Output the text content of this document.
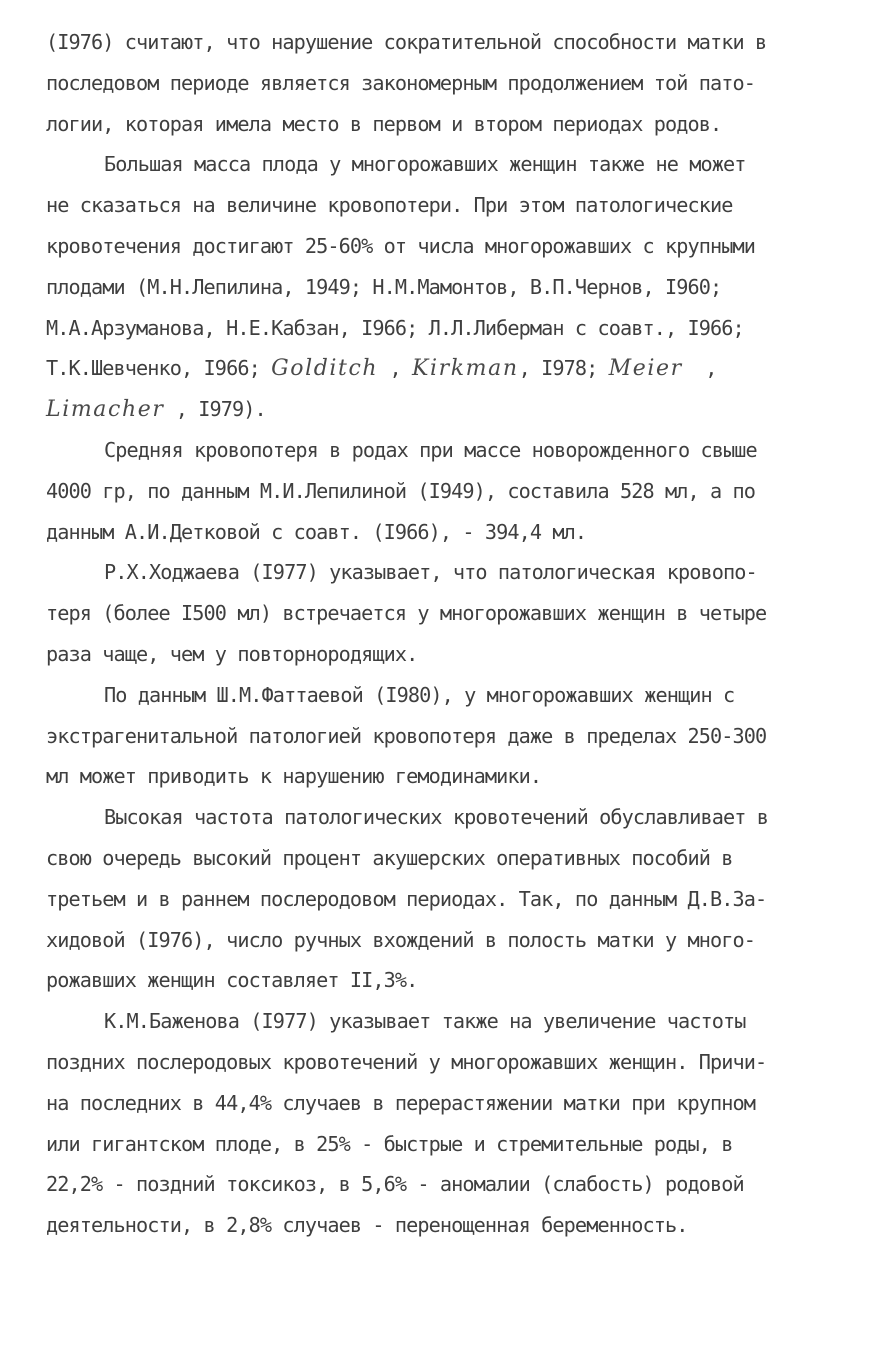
(I976) считают, что нарушение сократительной способности матки в
последовом периоде является закономерным продолжением той пато-
логии, которая имела место в первом и втором периодах родов.
Большая масса плода у многорожавших женщин также не может
не сказаться на величине кровопотери. При этом патологические
кровотечения достигают 25-60% от числа многорожавших с крупными
плодами (М.Н.Лепилина, 1949; Н.М.Мамонтов, В.П.Чернов, I960;
М.А.Арзуманова, Н.Е.Кабзан, I966; Л.Л.Либерман с соавт., I966;
Т.К.Шевченко, I966; Golditch , Kirkman, I978; Meier  ,
Limacher , I979).
Средняя кровопотеря в родах при массе новорожденного свыше
4000 гр, по данным М.И.Лепилиной (I949), составила 528 мл, а по
данным А.И.Детковой с соавт. (I966), - 394,4 мл.
Р.Х.Ходжаева (I977) указывает, что патологическая кровопо-
теря (более I500 мл) встречается у многорожавших женщин в четыре
раза чаще, чем у повторнородящих.
По данным Ш.М.Фаттаевой (I980), у многорожавших женщин с
экстрагенитальной патологией кровопотеря даже в пределах 250-300
мл может приводить к нарушению гемодинамики.
Высокая частота патологических кровотечений обуславливает в
свою очередь высокий процент акушерских оперативных пособий в
третьем и в раннем послеродовом периодах. Так, по данным Д.В.За-
хидовой (I976), число ручных вхождений в полость матки у много-
рожавших женщин составляет II,3%.
К.М.Баженова (I977) указывает также на увеличение частоты
поздних послеродовых кровотечений у многорожавших женщин. Причи-
на последних в 44,4% случаев в перерастяжении матки при крупном
или гигантском плоде, в 25% - быстрые и стремительные роды, в
22,2% - поздний токсикоз, в 5,6% - аномалии (слабость) родовой
деятельности, в 2,8% случаев - перенощенная беременность.
